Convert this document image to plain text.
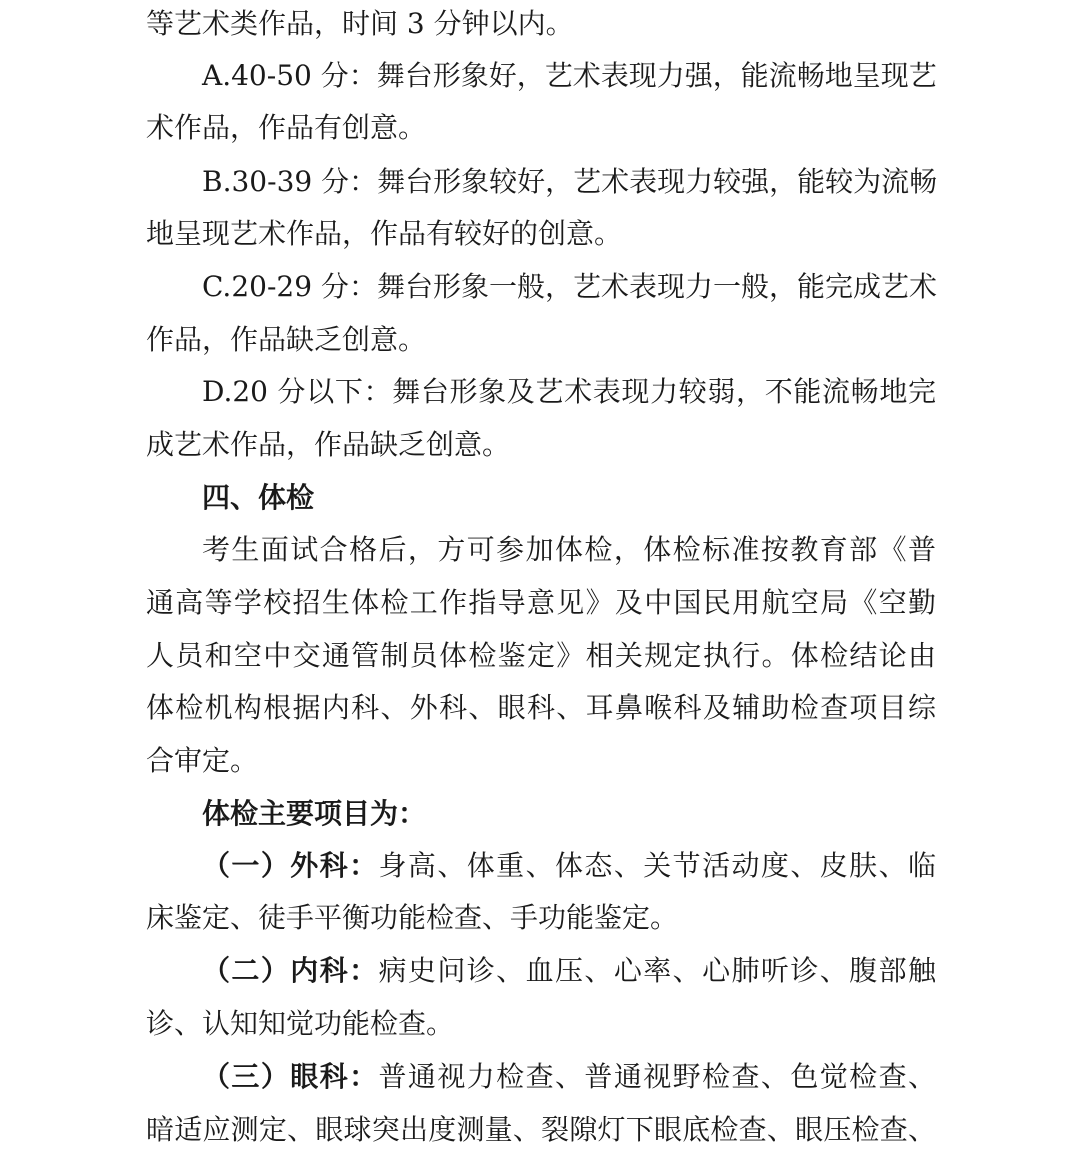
等艺术类作品，时间 3 分钟以内。
A.40-50 分：舞台形象好，艺术表现力强，能流畅地呈现艺
术作品，作品有创意。
B.30-39 分：舞台形象较好，艺术表现力较强，能较为流畅
地呈现艺术作品，作品有较好的创意。
C.20-29 分：舞台形象一般，艺术表现力一般，能完成艺术
作品，作品缺乏创意。
D.20 分以下：舞台形象及艺术表现力较弱，不能流畅地完
成艺术作品，作品缺乏创意。
四、体检
考生面试合格后，方可参加体检，体检标准按教育部《普
通高等学校招生体检工作指导意见》及中国民用航空局《空勤
人员和空中交通管制员体检鉴定》相关规定执行。体检结论由
体检机构根据内科、外科、眼科、耳鼻喉科及辅助检查项目综
合审定。
体检主要项目为：
（一）外科：身高、体重、体态、关节活动度、皮肤、临
床鉴定、徒手平衡功能检查、手功能鉴定。
（二）内科：病史问诊、血压、心率、心肺听诊、腹部触
诊、认知知觉功能检查。
（三）眼科：普通视力检查、普通视野检查、色觉检查、
暗适应测定、眼球突出度测量、裂隙灯下眼底检查、眼压检查、
